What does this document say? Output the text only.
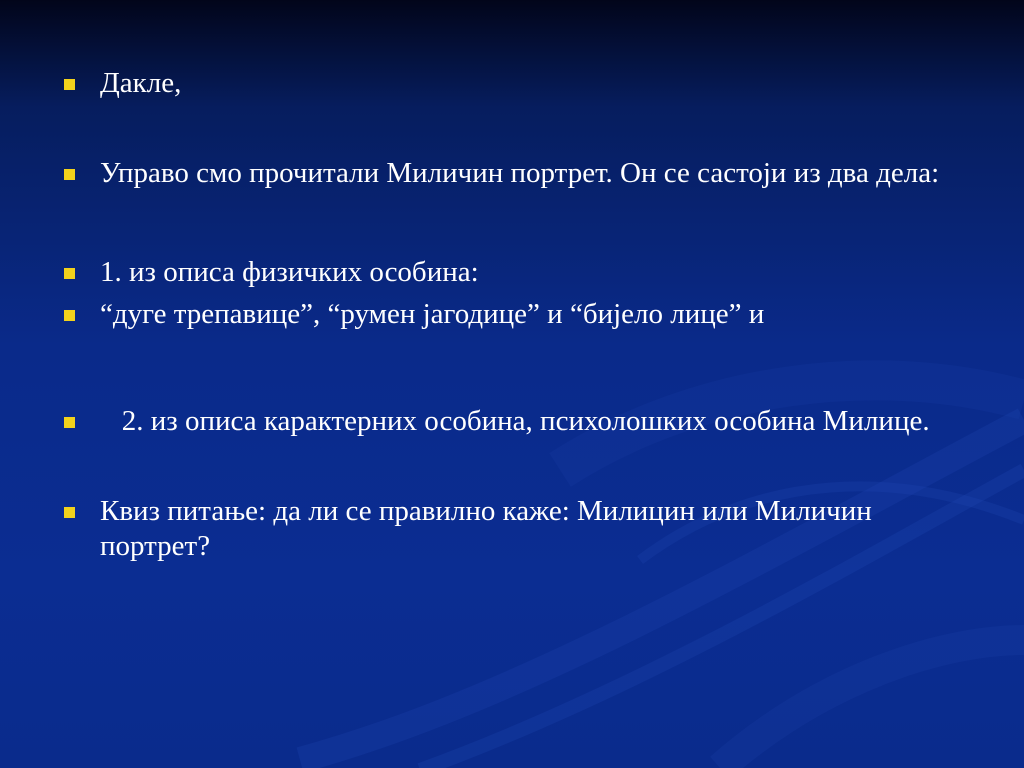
Дакле,
Управо смо прочитали Миличин портрет. Он се састоји из два дела:
1. из описа физичких особина:
“дуге трепавице”, “румен јагодице” и “бијело лице” и
2. из описа карактерних особина, психолошких особина Милице.
Квиз питање: да ли се правилно каже: Милицин или Миличин портрет?
